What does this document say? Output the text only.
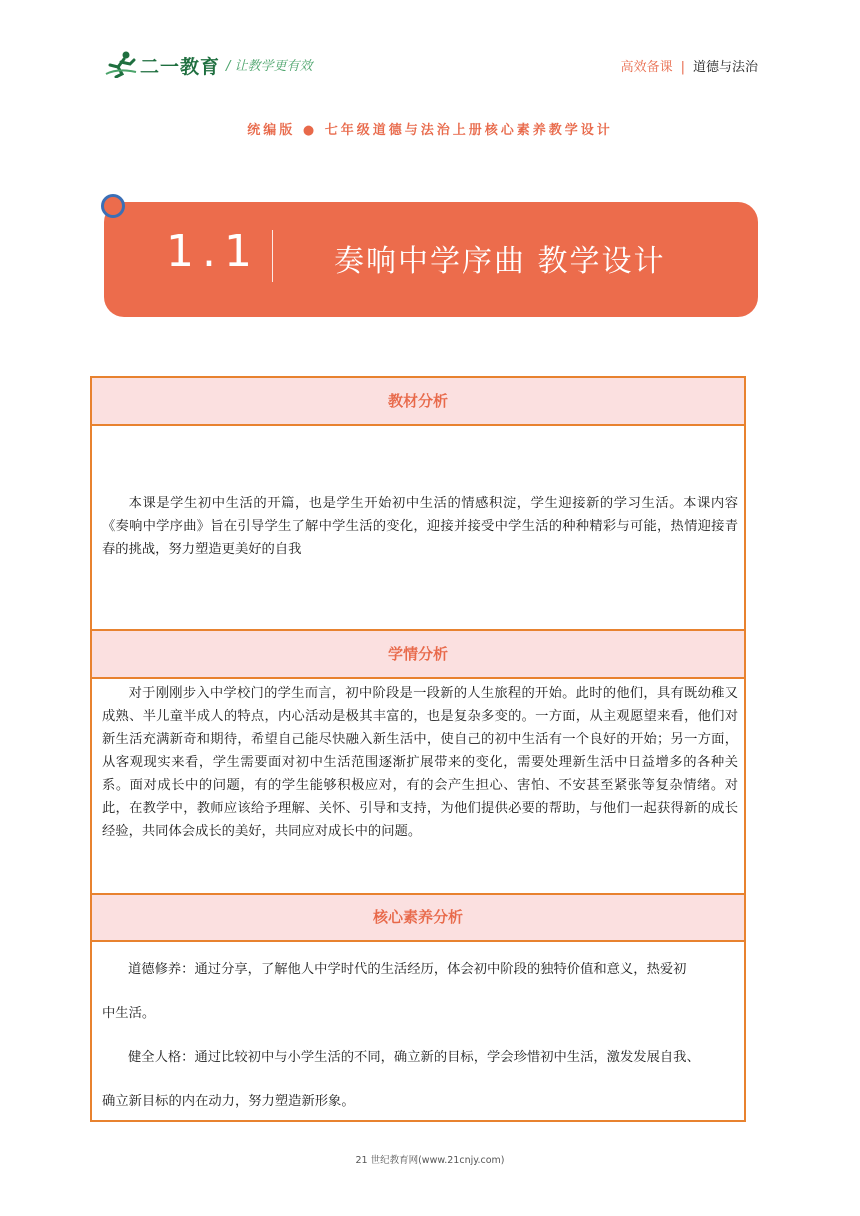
二一教育 / 让教学更有效	高效备课 | 道德与法治
统编版 ● 七年级道德与法治上册核心素养教学设计
1.1 奏响中学序曲 教学设计
教材分析
本课是学生初中生活的开篇，也是学生开始初中生活的情感积淀，学生迎接新的学习生活。本课内容《奏响中学序曲》旨在引导学生了解中学生活的变化，迎接并接受中学生活的种种精彩与可能，热情迎接青春的挑战，努力塑造更美好的自我
学情分析
对于刚刚步入中学校门的学生而言，初中阶段是一段新的人生旅程的开始。此时的他们，具有既幼稚又成熟、半儿童半成人的特点，内心活动是极其丰富的，也是复杂多变的。一方面，从主观愿望来看，他们对新生活充满新奇和期待，希望自己能尽快融入新生活中，使自己的初中生活有一个良好的开始；另一方面，从客观现实来看，学生需要面对初中生活范围逐渐扩展带来的变化，需要处理新生活中日益增多的各种关系。面对成长中的问题，有的学生能够积极应对，有的会产生担心、害怕、不安甚至紧张等复杂情绪。对此，在教学中，教师应该给予理解、关怀、引导和支持，为他们提供必要的帮助，与他们一起获得新的成长经验，共同体会成长的美好，共同应对成长中的问题。
核心素养分析
道德修养：通过分享，了解他人中学时代的生活经历，体会初中阶段的独特价值和意义，热爱初
中生活。
健全人格：通过比较初中与小学生活的不同，确立新的目标，学会珍惜初中生活，激发发展自我、
确立新目标的内在动力，努力塑造新形象。
21 世纪教育网(www.21cnjy.com)
